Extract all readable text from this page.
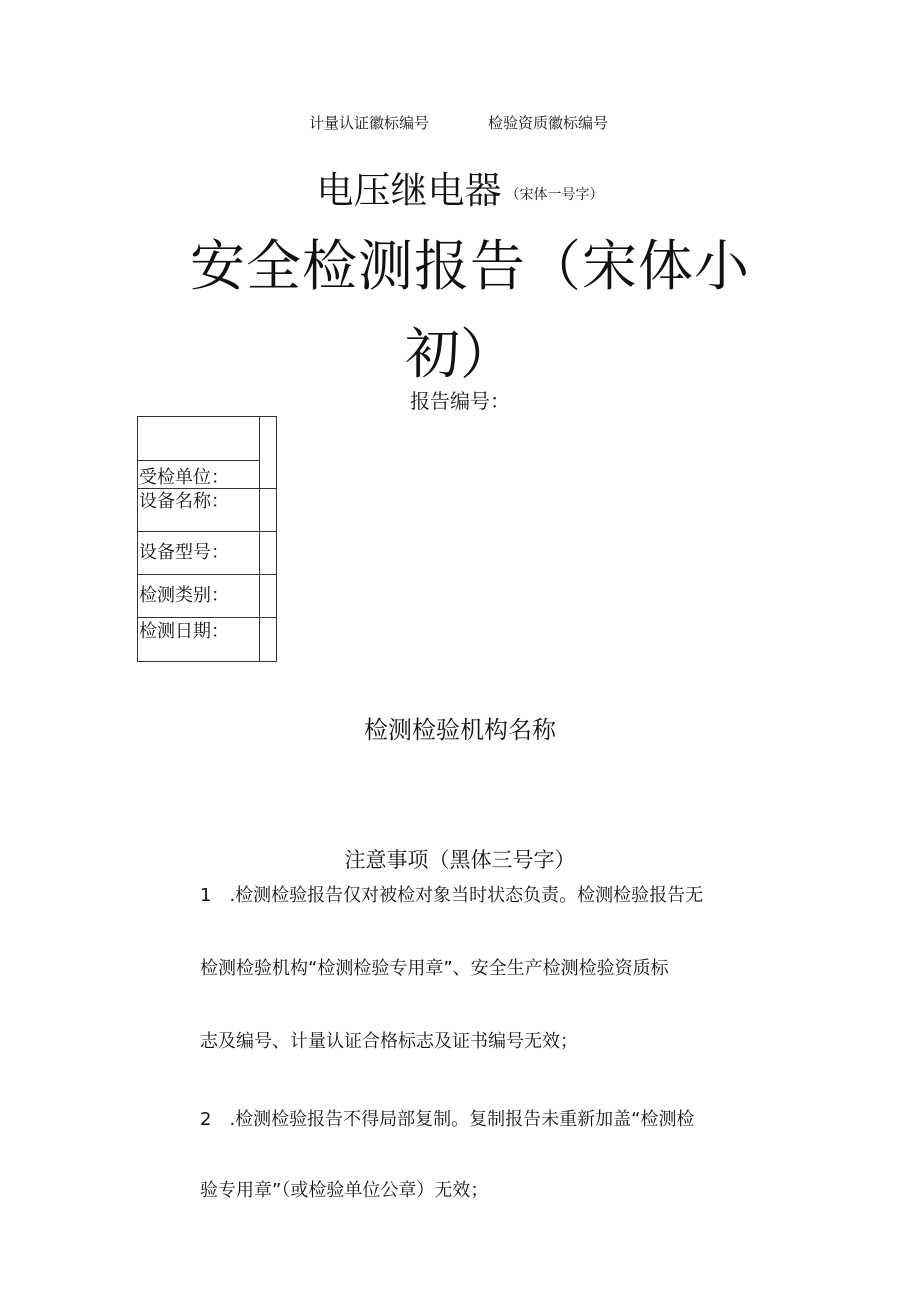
计量认证徽标编号	检验资质徽标编号
电压继电器 （宋体一号字）
安全检测报告（宋体小
初）
报告编号：

受检单位：	
设备名称：	
设备型号：	
检测类别：	
检测日期：	
检测检验机构名称
注意事项（黑体三号字）
1　.检测检验报告仅对被检对象当时状态负责。检测检验报告无
检测检验机构“检测检验专用章”、安全生产检测检验资质标
志及编号、计量认证合格标志及证书编号无效；
2　.检测检验报告不得局部复制。复制报告未重新加盖“检测检
验专用章”（或检验单位公章）无效；
